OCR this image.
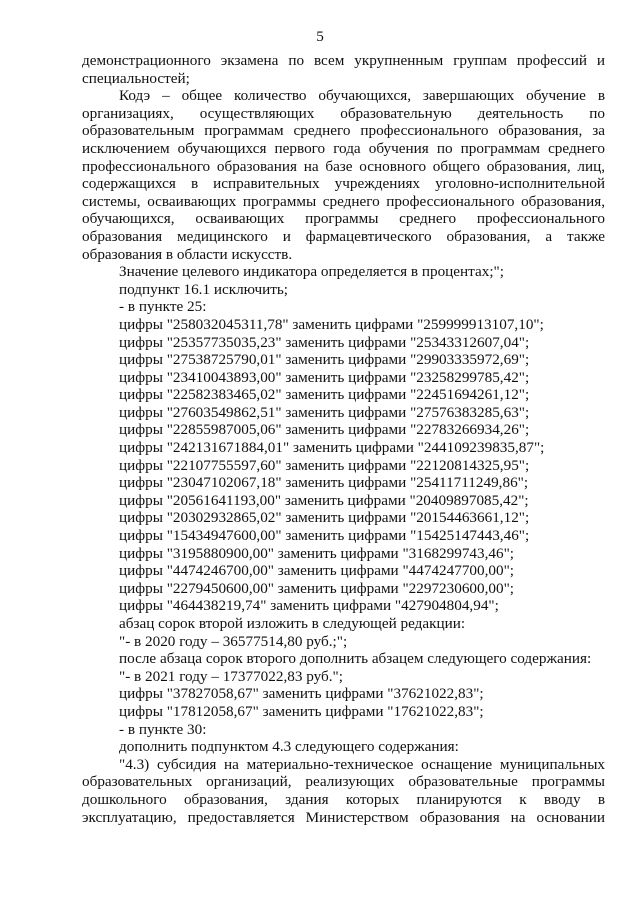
5
демонстрационного экзамена по всем укрупненным группам профессий и
специальностей;
Кодэ – общее количество обучающихся, завершающих обучение в
организациях, осуществляющих образовательную деятельность по
образовательным программам среднего профессионального образования, за
исключением обучающихся первого года обучения по программам среднего
профессионального образования на базе основного общего образования, лиц,
содержащихся в исправительных учреждениях уголовно-исполнительной
системы, осваивающих программы среднего профессионального образования,
обучающихся, осваивающих программы среднего профессионального
образования медицинского и фармацевтического образования, а также
образования в области искусств.
Значение целевого индикатора определяется в процентах;";
подпункт 16.1 исключить;
- в пункте 25:
цифры "258032045311,78" заменить цифрами "259999913107,10";
цифры "25357735035,23" заменить цифрами "25343312607,04";
цифры "27538725790,01" заменить цифрами "29903335972,69";
цифры "23410043893,00" заменить цифрами "23258299785,42";
цифры "22582383465,02" заменить цифрами "22451694261,12";
цифры "27603549862,51" заменить цифрами "27576383285,63";
цифры "22855987005,06" заменить цифрами "22783266934,26";
цифры "242131671884,01" заменить цифрами "244109239835,87";
цифры "22107755597,60" заменить цифрами "22120814325,95";
цифры "23047102067,18" заменить цифрами "25411711249,86";
цифры "20561641193,00" заменить цифрами "20409897085,42";
цифры "20302932865,02" заменить цифрами "20154463661,12";
цифры "15434947600,00" заменить цифрами "15425147443,46";
цифры "3195880900,00" заменить цифрами "3168299743,46";
цифры "4474246700,00" заменить цифрами "4474247700,00";
цифры "2279450600,00" заменить цифрами "2297230600,00";
цифры "464438219,74" заменить цифрами "427904804,94";
абзац сорок второй изложить в следующей редакции:
"- в 2020 году – 36577514,80 руб.;";
после абзаца сорок второго дополнить абзацем следующего содержания:
"- в 2021 году – 17377022,83 руб.";
цифры "37827058,67" заменить цифрами "37621022,83";
цифры "17812058,67" заменить цифрами "17621022,83";
- в пункте 30:
дополнить подпунктом 4.3 следующего содержания:
"4.3) субсидия на материально-техническое оснащение муниципальных
образовательных организаций, реализующих образовательные программы
дошкольного образования, здания которых планируются к вводу в
эксплуатацию, предоставляется Министерством образования на основании
